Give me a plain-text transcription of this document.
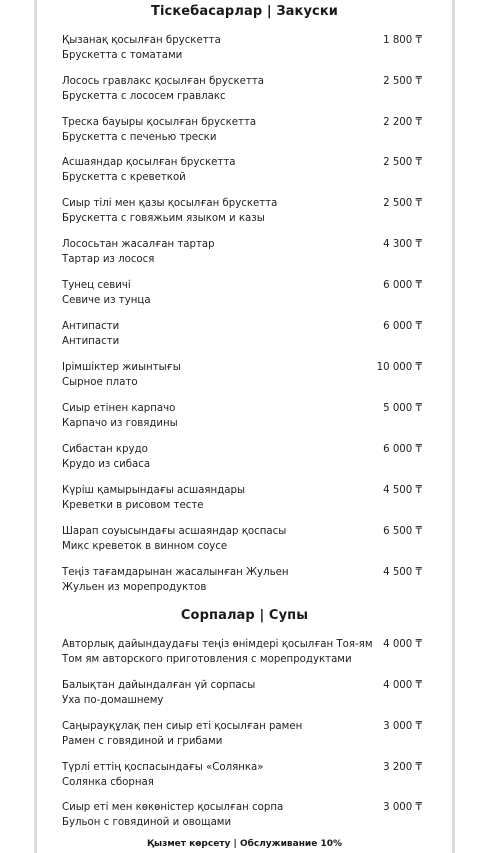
Тіскебасарлар | Закуски
Қызанақ қосылған брускетта
Брускетта с томатами
1 800 ₸
Лосось гравлакс қосылған брускетта
Брускетта с лососем гравлакс
2 500 ₸
Треска бауыры қосылған брускетта
Брускетта с печенью трески
2 200 ₸
Асшаяндар қосылған брускетта
Брускетта с креветкой
2 500 ₸
Сиыр тілі мен қазы қосылған брускетта
Брускетта с говяжьим языком и казы
2 500 ₸
Лососьтан жасалған тартар
Тартар из лосося
4 300 ₸
Тунец севичі
Севиче из тунца
6 000 ₸
Антипасти
Антипасти
6 000 ₸
Ірімшіктер жиынтығы
Сырное плато
10 000 ₸
Сиыр етінен карпачо
Карпачо из говядины
5 000 ₸
Сибастан крудо
Крудо из сибаса
6 000 ₸
Күріш қамырындағы асшаяндары
Креветки в рисовом тесте
4 500 ₸
Шарап соуысындағы асшаяндар қоспасы
Микс креветок в винном соусе
6 500 ₸
Теңіз тағамдарынан жасалынған Жульен
Жульен из морепродуктов
4 500 ₸
Сорпалар | Супы
Авторлық дайындаудағы теңіз өнімдері қосылған Тоя-ям
Том ям авторского приготовления с морепродуктами
4 000 ₸
Балықтан дайындалған үй сорпасы
Уха по-домашнему
4 000 ₸
Саңырауқұлақ пен сиыр еті қосылған рамен
Рамен с говядиной и грибами
3 000 ₸
Түрлі еттің қоспасындағы «Солянка»
Солянка сборная
3 200 ₸
Сиыр еті мен көкөністер қосылған сорпа
Бульон с говядиной и овощами
3 000 ₸
Қызмет көрсету | Обслуживание 10%
